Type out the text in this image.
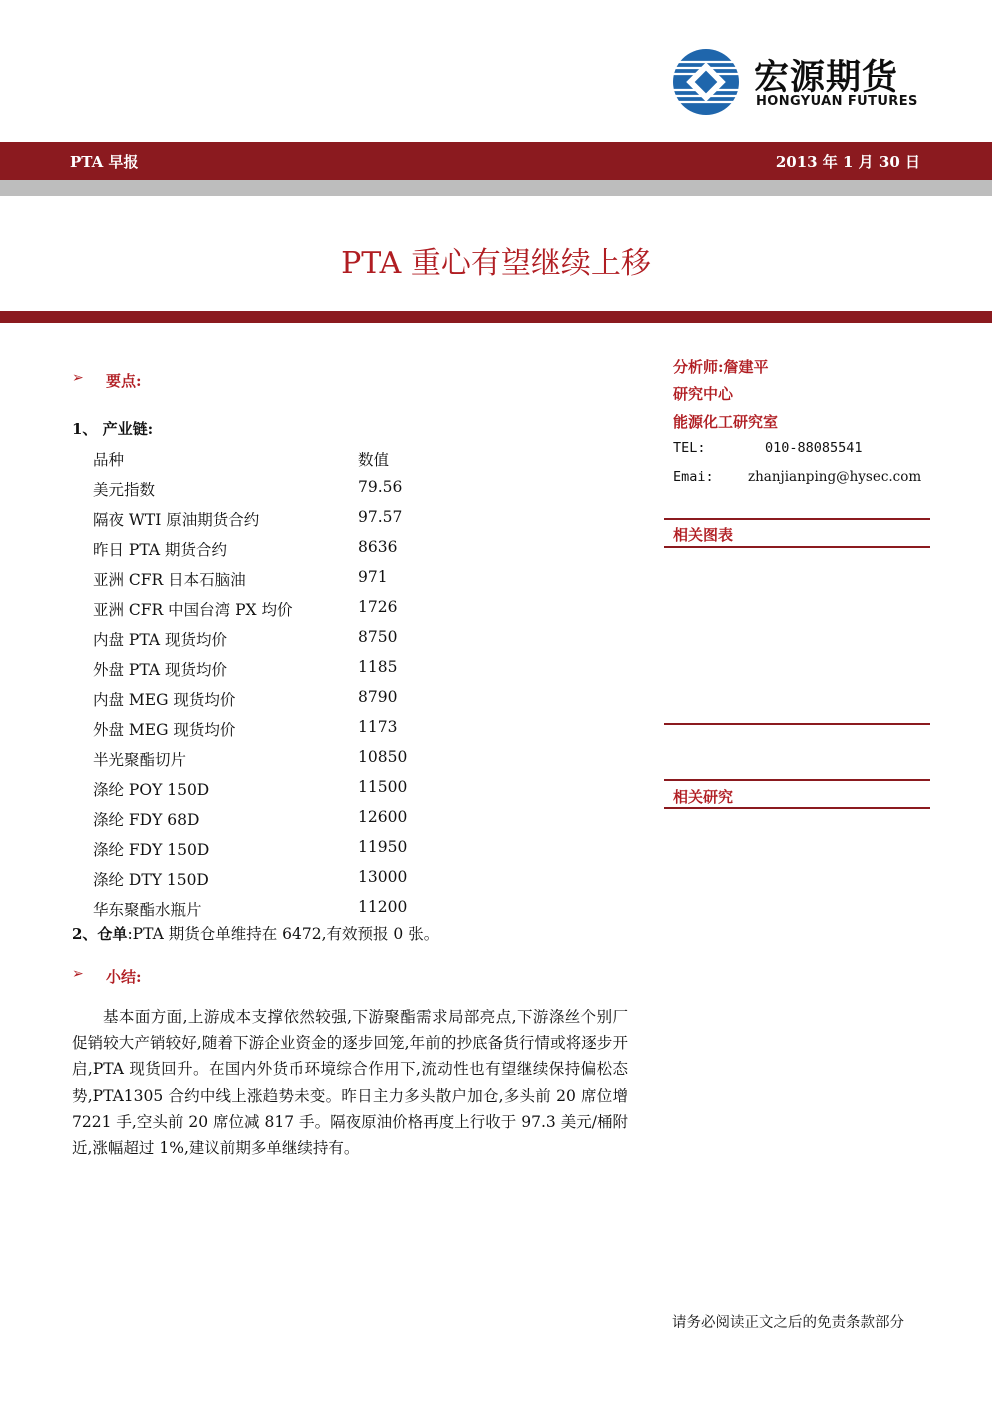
宏源期货
HONGYUAN FUTURES
PTA 早报	2013 年 1 月 30 日
PTA 重心有望继续上移
➢ 要点:
1、 产业链:
品种	数值
美元指数	79.56
隔夜 WTI 原油期货合约	97.57
昨日 PTA 期货合约	8636
亚洲 CFR 日本石脑油	971
亚洲 CFR 中国台湾 PX 均价	1726
内盘 PTA 现货均价	8750
外盘 PTA 现货均价	1185
内盘 MEG 现货均价	8790
外盘 MEG 现货均价	1173
半光聚酯切片	10850
涤纶 POY 150D	11500
涤纶 FDY 68D	12600
涤纶 FDY 150D	11950
涤纶 DTY 150D	13000
华东聚酯水瓶片	11200
2、仓单:PTA 期货仓单维持在 6472,有效预报 0 张。
➢ 小结:

基本面方面,上游成本支撑依然较强,下游聚酯需求局部亮点,下游涤丝个别厂促销较大产销较好,随着下游企业资金的逐步回笼,年前的抄底备货行情或将逐步开启,PTA 现货回升。在国内外货币环境综合作用下,流动性也有望继续保持偏松态势,PTA1305 合约中线上涨趋势未变。昨日主力多头散户加仓,多头前 20 席位增 7221 手,空头前 20 席位减 817 手。隔夜原油价格再度上行收于 97.3 美元/桶附近,涨幅超过 1%,建议前期多单继续持有。

分析师:詹建平
研究中心
能源化工研究室
TEL:	010-88085541
Emai:	zhanjianping@hysec.com
相关图表
相关研究
请务必阅读正文之后的免责条款部分
